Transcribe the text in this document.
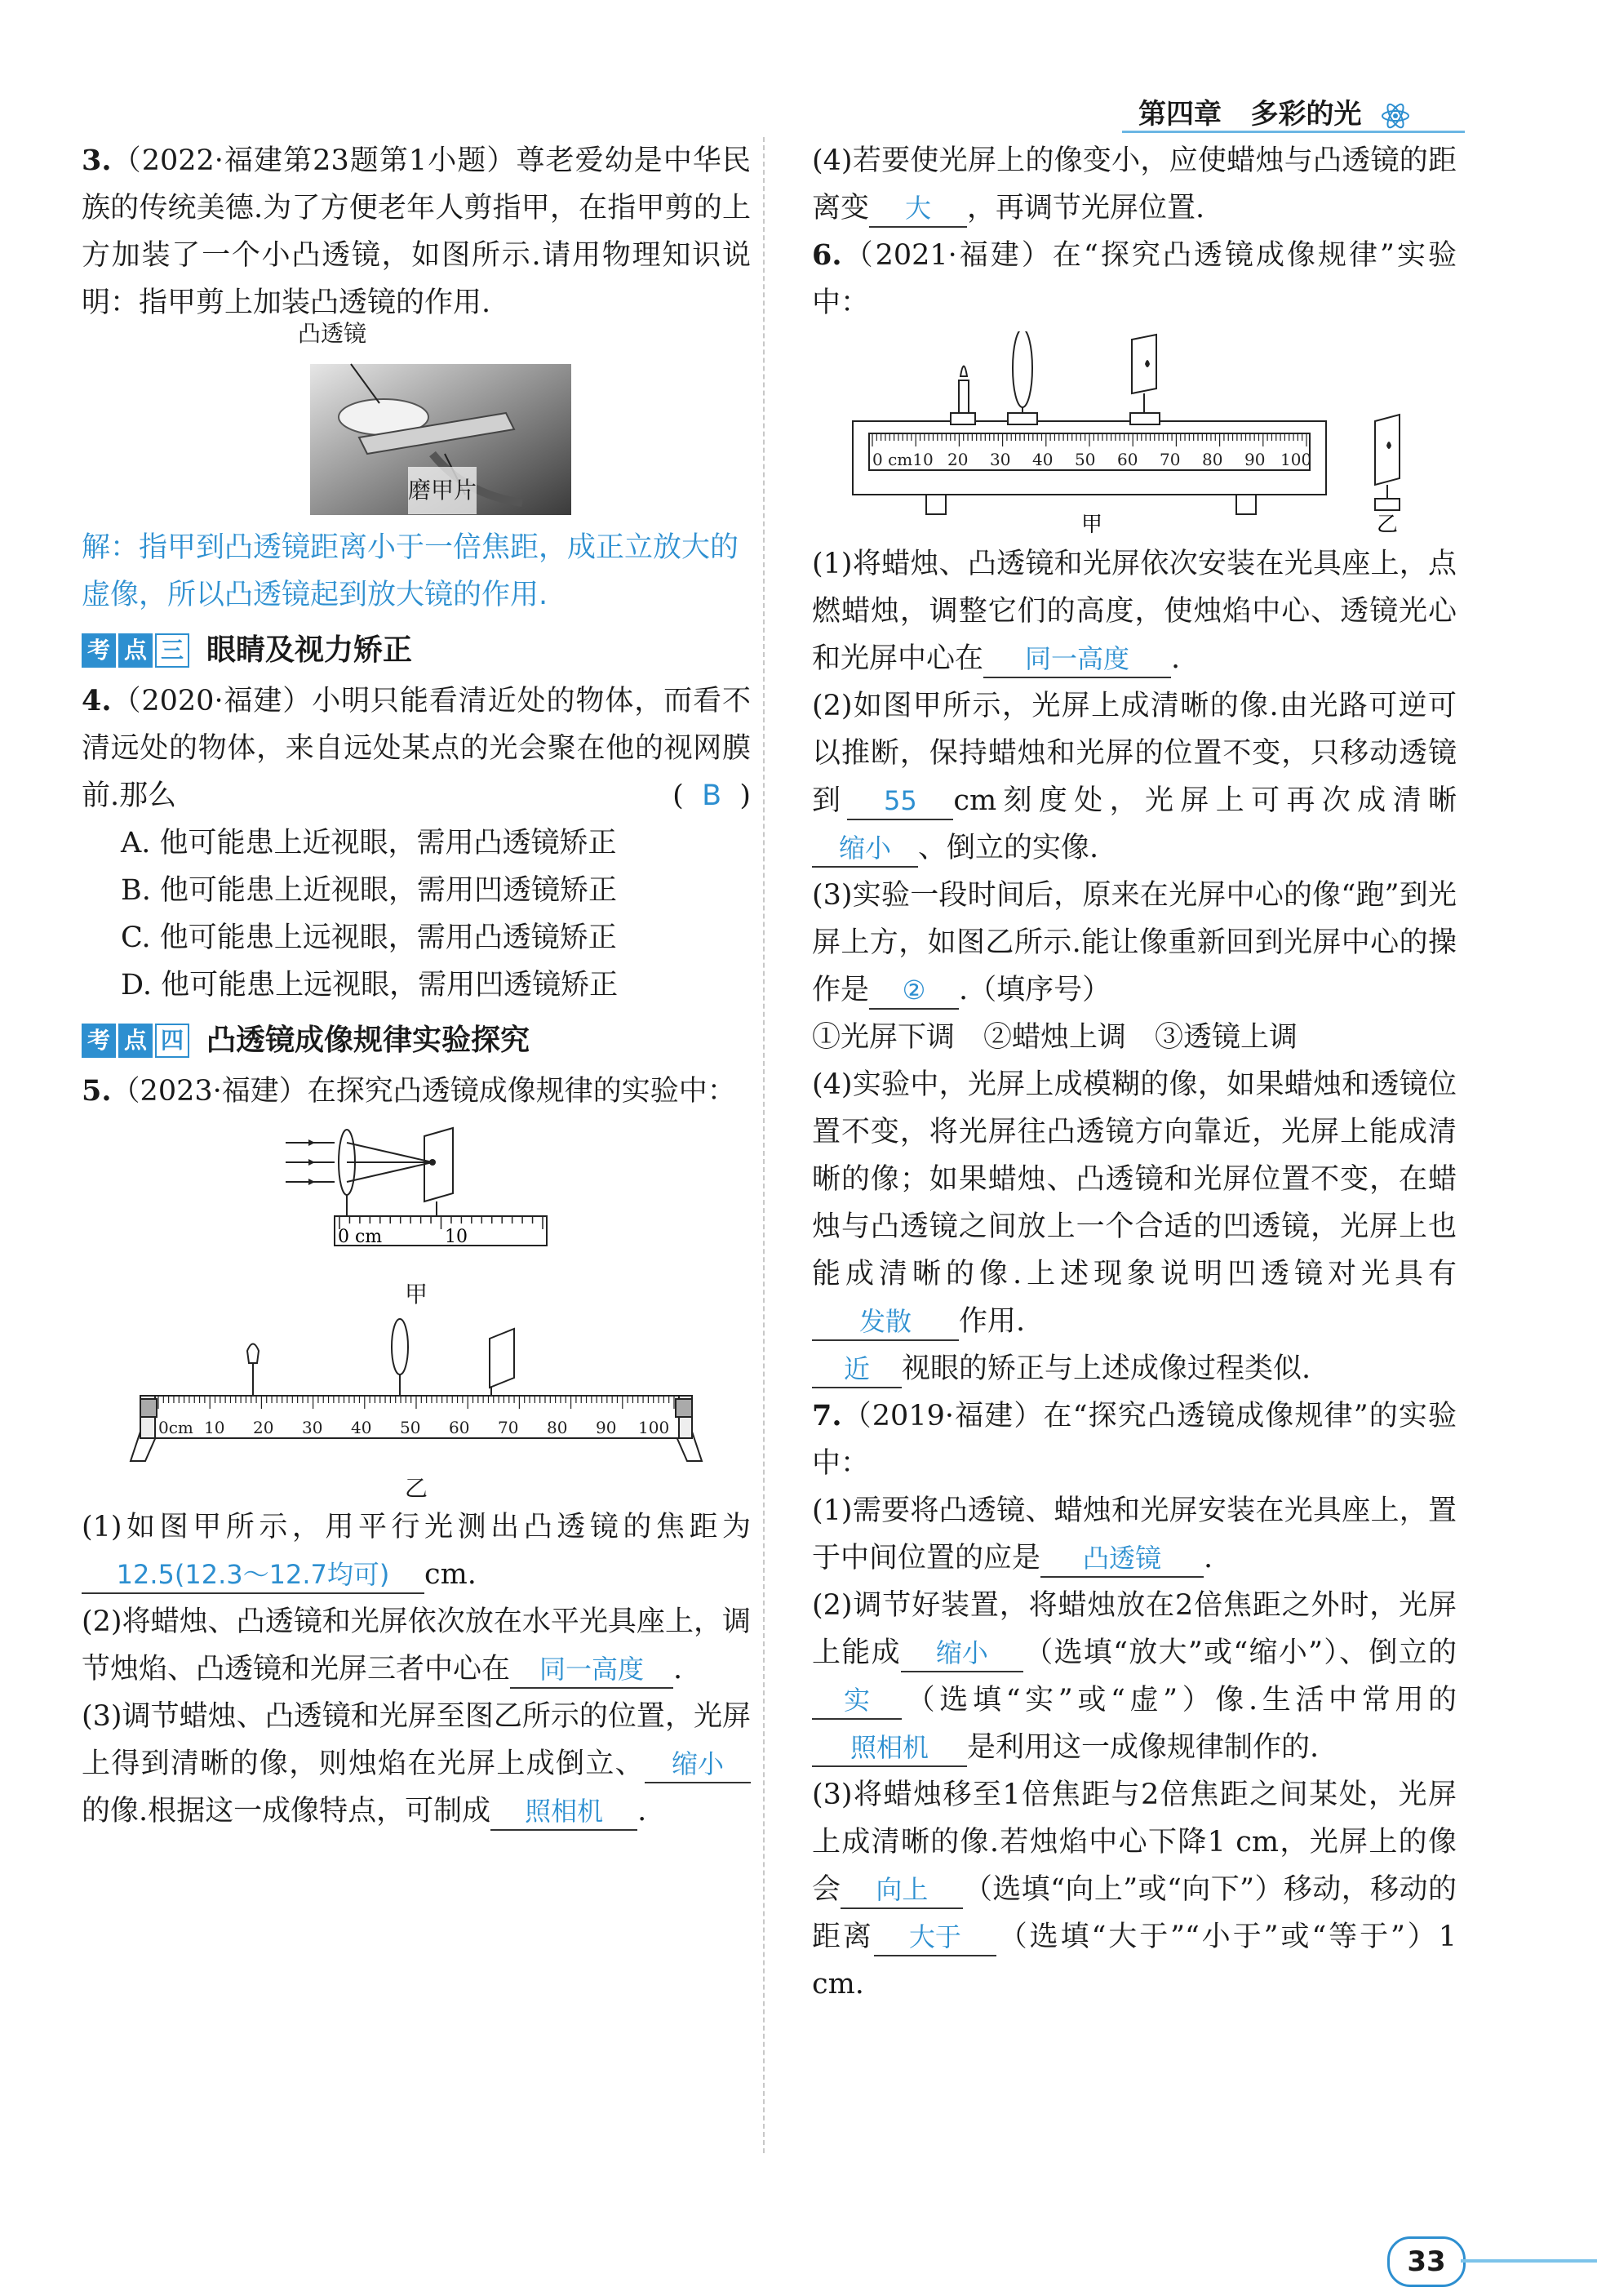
第四章 多彩的光

3.（2022·福建第23题第1小题）尊老爱幼是中华民族的传统美德.为了方便老年人剪指甲，在指甲剪的上方加装了一个小凸透镜，如图所示.请用物理知识说明：指甲剪上加装凸透镜的作用.

凸透镜
磨甲片

解：指甲到凸透镜距离小于一倍焦距，成正立放大的虚像，所以凸透镜起到放大镜的作用.

考 点 三 眼睛及视力矫正

4.（2020·福建）小明只能看清近处的物体，而看不清远处的物体，来自远处某点的光会聚在他的视网膜前.那么	(  B  )

A. 他可能患上近视眼，需用凸透镜矫正

B. 他可能患上近视眼，需用凹透镜矫正

C. 他可能患上远视眼，需用凸透镜矫正

D. 他可能患上远视眼，需用凹透镜矫正

考 点 四 凸透镜成像规律实验探究

5.（2023·福建）在探究凸透镜成像规律的实验中：

0 cm	10
甲
0cm 10 20 30 40 50 60 70 80 90 100
乙

(1)如图甲所示，用平行光测出凸透镜的焦距为12.5(12.3～12.7均可) cm.

(2)将蜡烛、凸透镜和光屏依次放在水平光具座上，调节烛焰、凸透镜和光屏三者中心在 同一高度 .

(3)调节蜡烛、凸透镜和光屏至图乙所示的位置，光屏上得到清晰的像，则烛焰在光屏上成倒立、 缩小的像.根据这一成像特点，可制成 照相机 .

(4)若要使光屏上的像变小，应使蜡烛与凸透镜的距离变 大 ，再调节光屏位置.

6.（2021·福建）在“探究凸透镜成像规律”实验中：

0 cm10 20 30 40 50 60 70 80 90 100
甲	乙

(1)将蜡烛、凸透镜和光屏依次安装在光具座上，点燃蜡烛，调整它们的高度，使烛焰中心、透镜光心和光屏中心在 同一高度 .

(2)如图甲所示，光屏上成清晰的像.由光路可逆可以推断，保持蜡烛和光屏的位置不变，只移动透镜到 55 cm刻度处，光屏上可再次成清晰缩小 、倒立的实像.

(3)实验一段时间后，原来在光屏中心的像“跑”到光屏上方，如图乙所示.能让像重新回到光屏中心的操作是 ② .（填序号）

①光屏下调　②蜡烛上调　③透镜上调

(4)实验中，光屏上成模糊的像，如果蜡烛和透镜位置不变，将光屏往凸透镜方向靠近，光屏上能成清晰的像；如果蜡烛、凸透镜和光屏位置不变，在蜡烛与凸透镜之间放上一个合适的凹透镜，光屏上也能成清晰的像.上述现象说明凹透镜对光具有发散 作用.
近 视眼的矫正与上述成像过程类似.

7.（2019·福建）在“探究凸透镜成像规律”的实验中：

(1)需要将凸透镜、蜡烛和光屏安装在光具座上，置于中间位置的应是 凸透镜 .

(2)调节好装置，将蜡烛放在2倍焦距之外时，光屏上能成 缩小 （选填“放大”或“缩小”）、倒立的实 （选填“实”或“虚”）像.生活中常用的照相机 是利用这一成像规律制作的.

(3)将蜡烛移至1倍焦距与2倍焦距之间某处，光屏上成清晰的像.若烛焰中心下降1 cm，光屏上的像会 向上 （选填“向上”或“向下”）移动，移动的距离 大于 （选填“大于”“小于”或“等于”）1 cm.

33
